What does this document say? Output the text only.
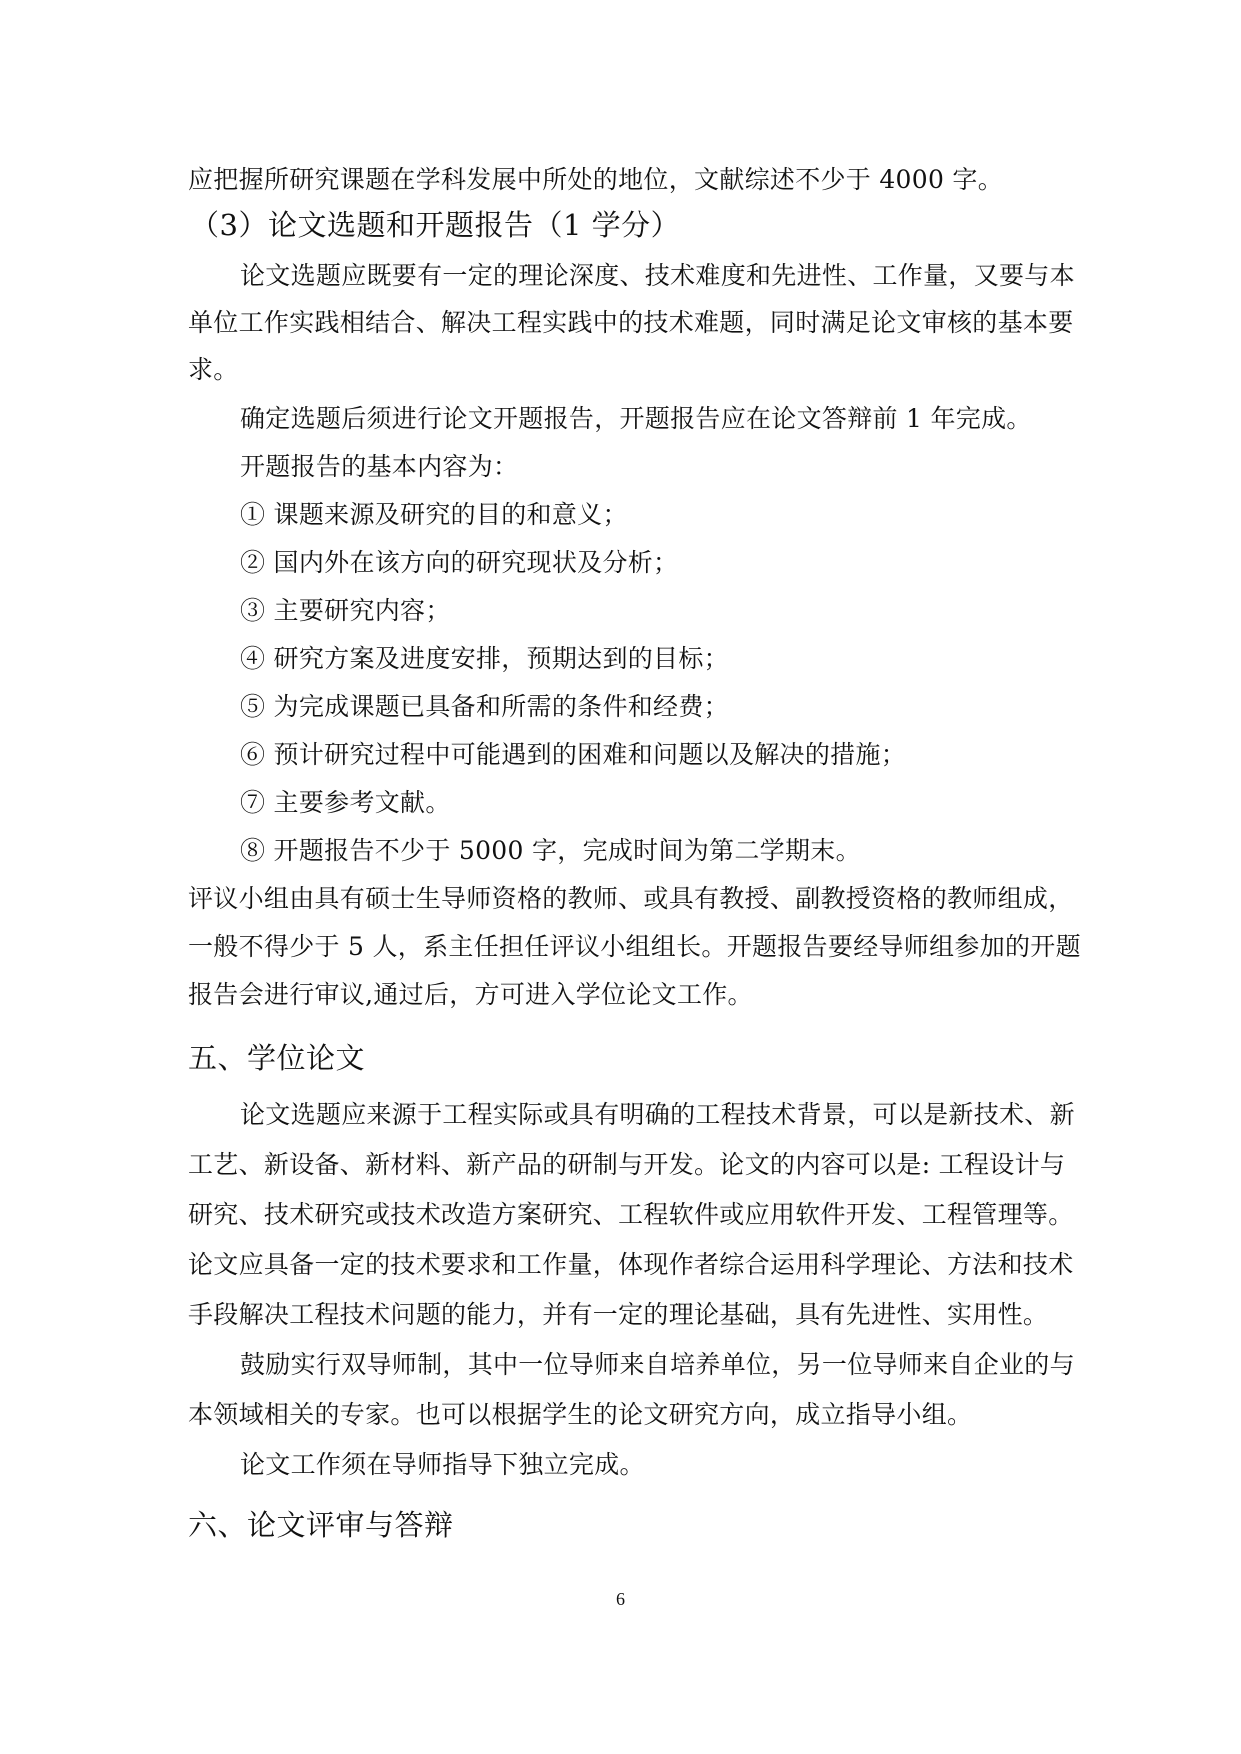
应把握所研究课题在学科发展中所处的地位，文献综述不少于 4000 字。
（3）论文选题和开题报告（1 学分）
论文选题应既要有一定的理论深度、技术难度和先进性、工作量，又要与本
单位工作实践相结合、解决工程实践中的技术难题，同时满足论文审核的基本要
求。
确定选题后须进行论文开题报告，开题报告应在论文答辩前 1 年完成。
开题报告的基本内容为：
① 课题来源及研究的目的和意义；
② 国内外在该方向的研究现状及分析；
③ 主要研究内容；
④ 研究方案及进度安排，预期达到的目标；
⑤ 为完成课题已具备和所需的条件和经费；
⑥ 预计研究过程中可能遇到的困难和问题以及解决的措施；
⑦ 主要参考文献。
⑧ 开题报告不少于 5000 字，完成时间为第二学期末。
评议小组由具有硕士生导师资格的教师、或具有教授、副教授资格的教师组成，
一般不得少于 5 人，系主任担任评议小组组长。开题报告要经导师组参加的开题
报告会进行审议,通过后，方可进入学位论文工作。
五、学位论文
论文选题应来源于工程实际或具有明确的工程技术背景，可以是新技术、新
工艺、新设备、新材料、新产品的研制与开发。论文的内容可以是: 工程设计与
研究、技术研究或技术改造方案研究、工程软件或应用软件开发、工程管理等。
论文应具备一定的技术要求和工作量，体现作者综合运用科学理论、方法和技术
手段解决工程技术问题的能力，并有一定的理论基础，具有先进性、实用性。
鼓励实行双导师制，其中一位导师来自培养单位，另一位导师来自企业的与
本领域相关的专家。也可以根据学生的论文研究方向，成立指导小组。
论文工作须在导师指导下独立完成。
六、论文评审与答辩
6
